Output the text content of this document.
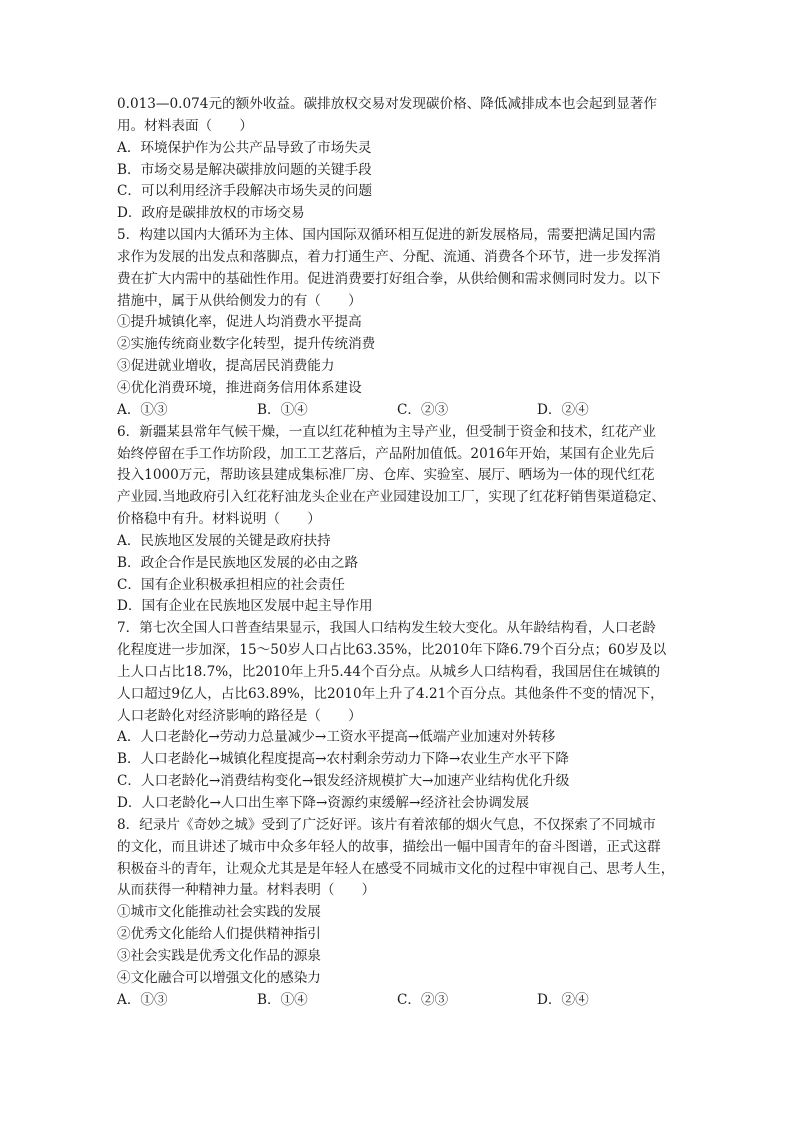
0.013—0.074元的额外收益。碳排放权交易对发现碳价格、降低减排成本也会起到显著作
用。材料表面（　　）
A．环境保护作为公共产品导致了市场失灵
B．市场交易是解决碳排放问题的关键手段
C．可以利用经济手段解决市场失灵的问题
D．政府是碳排放权的市场交易
5．构建以国内大循环为主体、国内国际双循环相互促进的新发展格局，需要把满足国内需
求作为发展的出发点和落脚点，着力打通生产、分配、流通、消费各个环节，进一步发挥消
费在扩大内需中的基础性作用。促进消费要打好组合拳，从供给侧和需求侧同时发力。以下
措施中，属于从供给侧发力的有（　　）
①提升城镇化率，促进人均消费水平提高
②实施传统商业数字化转型，提升传统消费
③促进就业增收，提高居民消费能力
④优化消费环境，推进商务信用体系建设
A．①③	B．①④	C．②③	D．②④
6．新疆某县常年气候干燥，一直以红花种植为主导产业，但受制于资金和技术，红花产业
始终停留在手工作坊阶段，加工工艺落后，产品附加值低。2016年开始，某国有企业先后
投入1000万元，帮助该县建成集标准厂房、仓库、实验室、展厅、晒场为一体的现代红花
产业园.当地政府引入红花籽油龙头企业在产业园建设加工厂，实现了红花籽销售渠道稳定、
价格稳中有升。材料说明（　　）
A．民族地区发展的关键是政府扶持
B．政企合作是民族地区发展的必由之路
C．国有企业积极承担相应的社会责任
D．国有企业在民族地区发展中起主导作用
7．第七次全国人口普查结果显示，我国人口结构发生较大变化。从年龄结构看，人口老龄
化程度进一步加深，15～50岁人口占比63.35%，比2010年下降6.79个百分点；60岁及以
上人口占比18.7%，比2010年上升5.44个百分点。从城乡人口结构看，我国居住在城镇的
人口超过9亿人，占比63.89%，比2010年上升了4.21个百分点。其他条件不变的情况下，
人口老龄化对经济影响的路径是（　　）
A．人口老龄化→劳动力总量减少→工资水平提高→低端产业加速对外转移
B．人口老龄化→城镇化程度提高→农村剩余劳动力下降→农业生产水平下降
C．人口老龄化→消费结构变化→银发经济规模扩大→加速产业结构优化升级
D．人口老龄化→人口出生率下降→资源约束缓解→经济社会协调发展
8．纪录片《奇妙之城》受到了广泛好评。该片有着浓郁的烟火气息，不仅探索了不同城市
的文化，而且讲述了城市中众多年轻人的故事，描绘出一幅中国青年的奋斗图谱，正式这群
积极奋斗的青年，让观众尤其是是年轻人在感受不同城市文化的过程中审视自己、思考人生，
从而获得一种精神力量。材料表明（　　）
①城市文化能推动社会实践的发展
②优秀文化能给人们提供精神指引
③社会实践是优秀文化作品的源泉
④文化融合可以增强文化的感染力
A．①③	B．①④	C．②③	D．②④
